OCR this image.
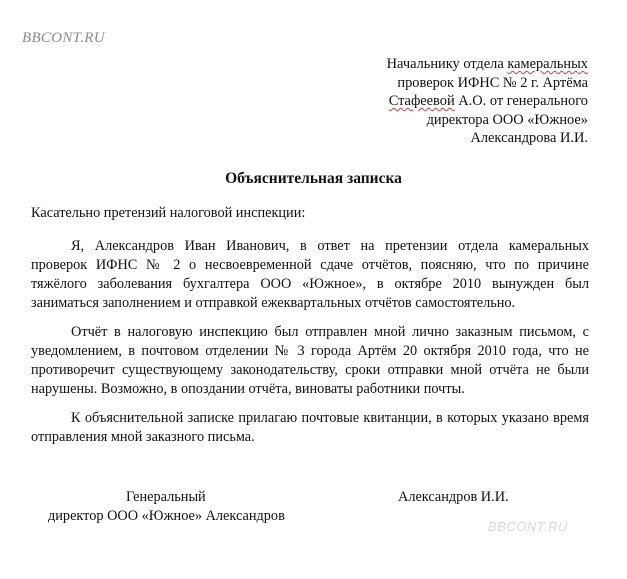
BBCONT.RU
Начальнику отдела камеральных
проверок ИФНС № 2 г. Артёма
Стафеевой А.О. от генерального
директора ООО «Южное»
Александрова И.И.
Объяснительная записка
Касательно претензий налоговой инспекции:
Я, Александров Иван Иванович, в ответ на претензии отдела камеральных
проверок ИФНС № 2 о несвоевременной сдаче отчётов, поясняю, что по причине
тяжёлого заболевания бухгалтера ООО «Южное», в октябре 2010 вынужден был
заниматься заполнением и отправкой ежеквартальных отчётов самостоятельно.
Отчёт в налоговую инспекцию был отправлен мной лично заказным письмом, с
уведомлением, в почтовом отделении № 3 города Артём 20 октября 2010 года, что не
противоречит существующему законодательству, сроки отправки мной отчёта не были
нарушены. Возможно, в опоздании отчёта, виноваты работники почты.
К объяснительной записке прилагаю почтовые квитанции, в которых указано время
отправления мной заказного письма.
Генеральный
директор ООО «Южное» Александров
Александров И.И.
BBCONT.RU
